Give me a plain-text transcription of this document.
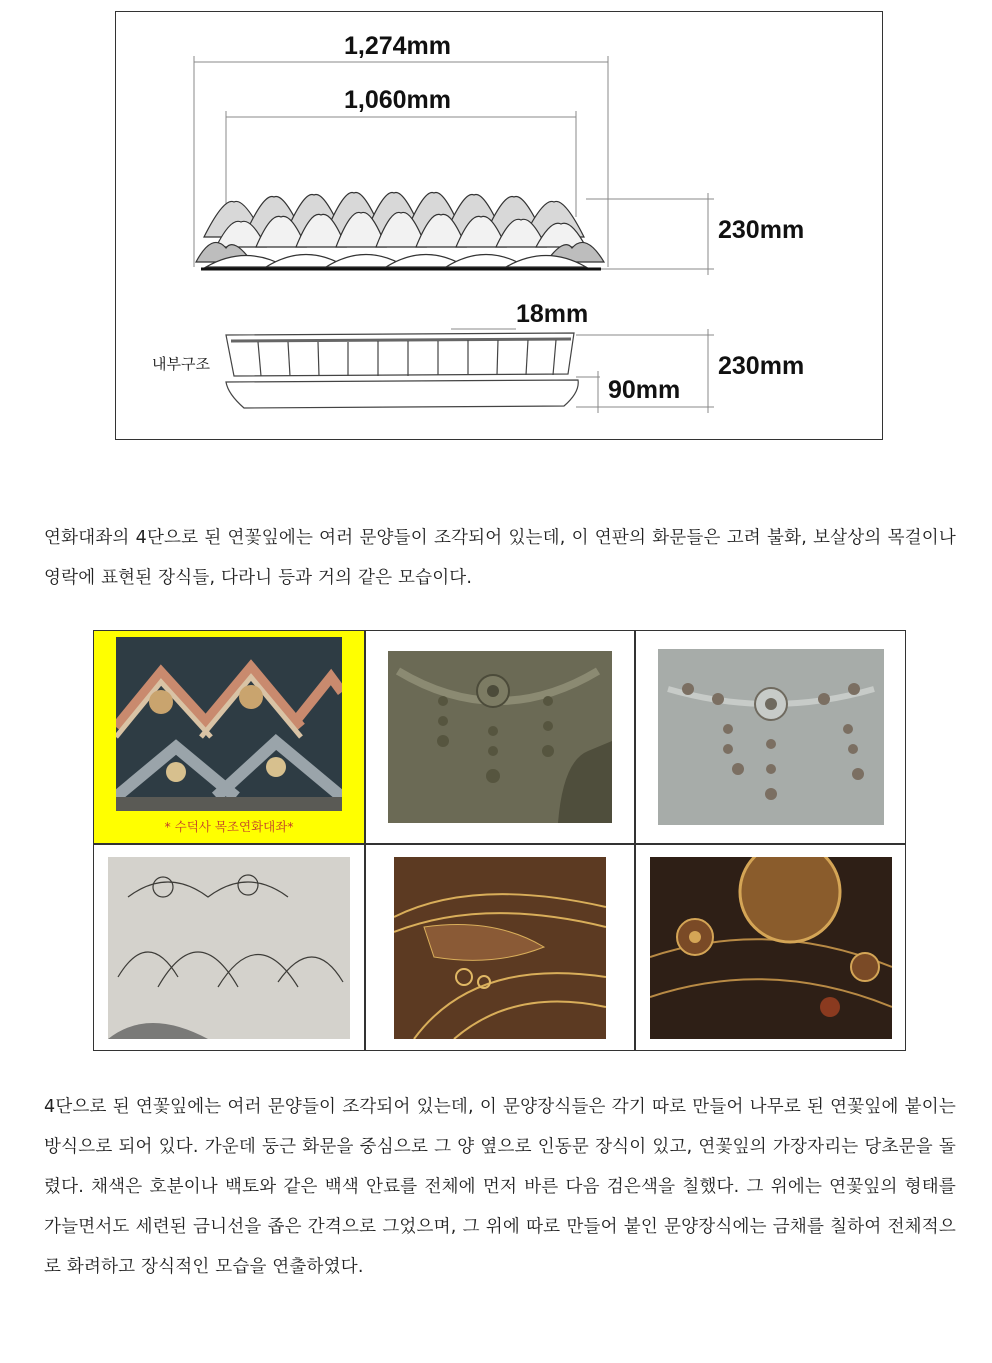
1,274mm
1,060mm
230mm
18mm
230mm
90mm
내부구조
연화대좌의 4단으로 된 연꽃잎에는 여러 문양들이 조각되어 있는데, 이 연판의 화문들은 고려 불화, 보살상의 목걸이나 영락에 표현된 장식들, 다라니 등과 거의 같은 모습이다.
* 수덕사 목조연화대좌*
4단으로 된 연꽃잎에는 여러 문양들이 조각되어 있는데, 이 문양장식들은 각기 따로 만들어 나무로 된 연꽃잎에 붙이는 방식으로 되어 있다. 가운데 둥근 화문을 중심으로 그 양 옆으로 인동문 장식이 있고, 연꽃잎의 가장자리는 당초문을 돌렸다. 채색은 호분이나 백토와 같은 백색 안료를 전체에 먼저 바른 다음 검은색을 칠했다. 그 위에는 연꽃잎의 형태를 가늘면서도 세련된 금니선을 좁은 간격으로 그었으며, 그 위에 따로 만들어 붙인 문양장식에는 금채를 칠하여 전체적으로 화려하고 장식적인 모습을 연출하였다.
